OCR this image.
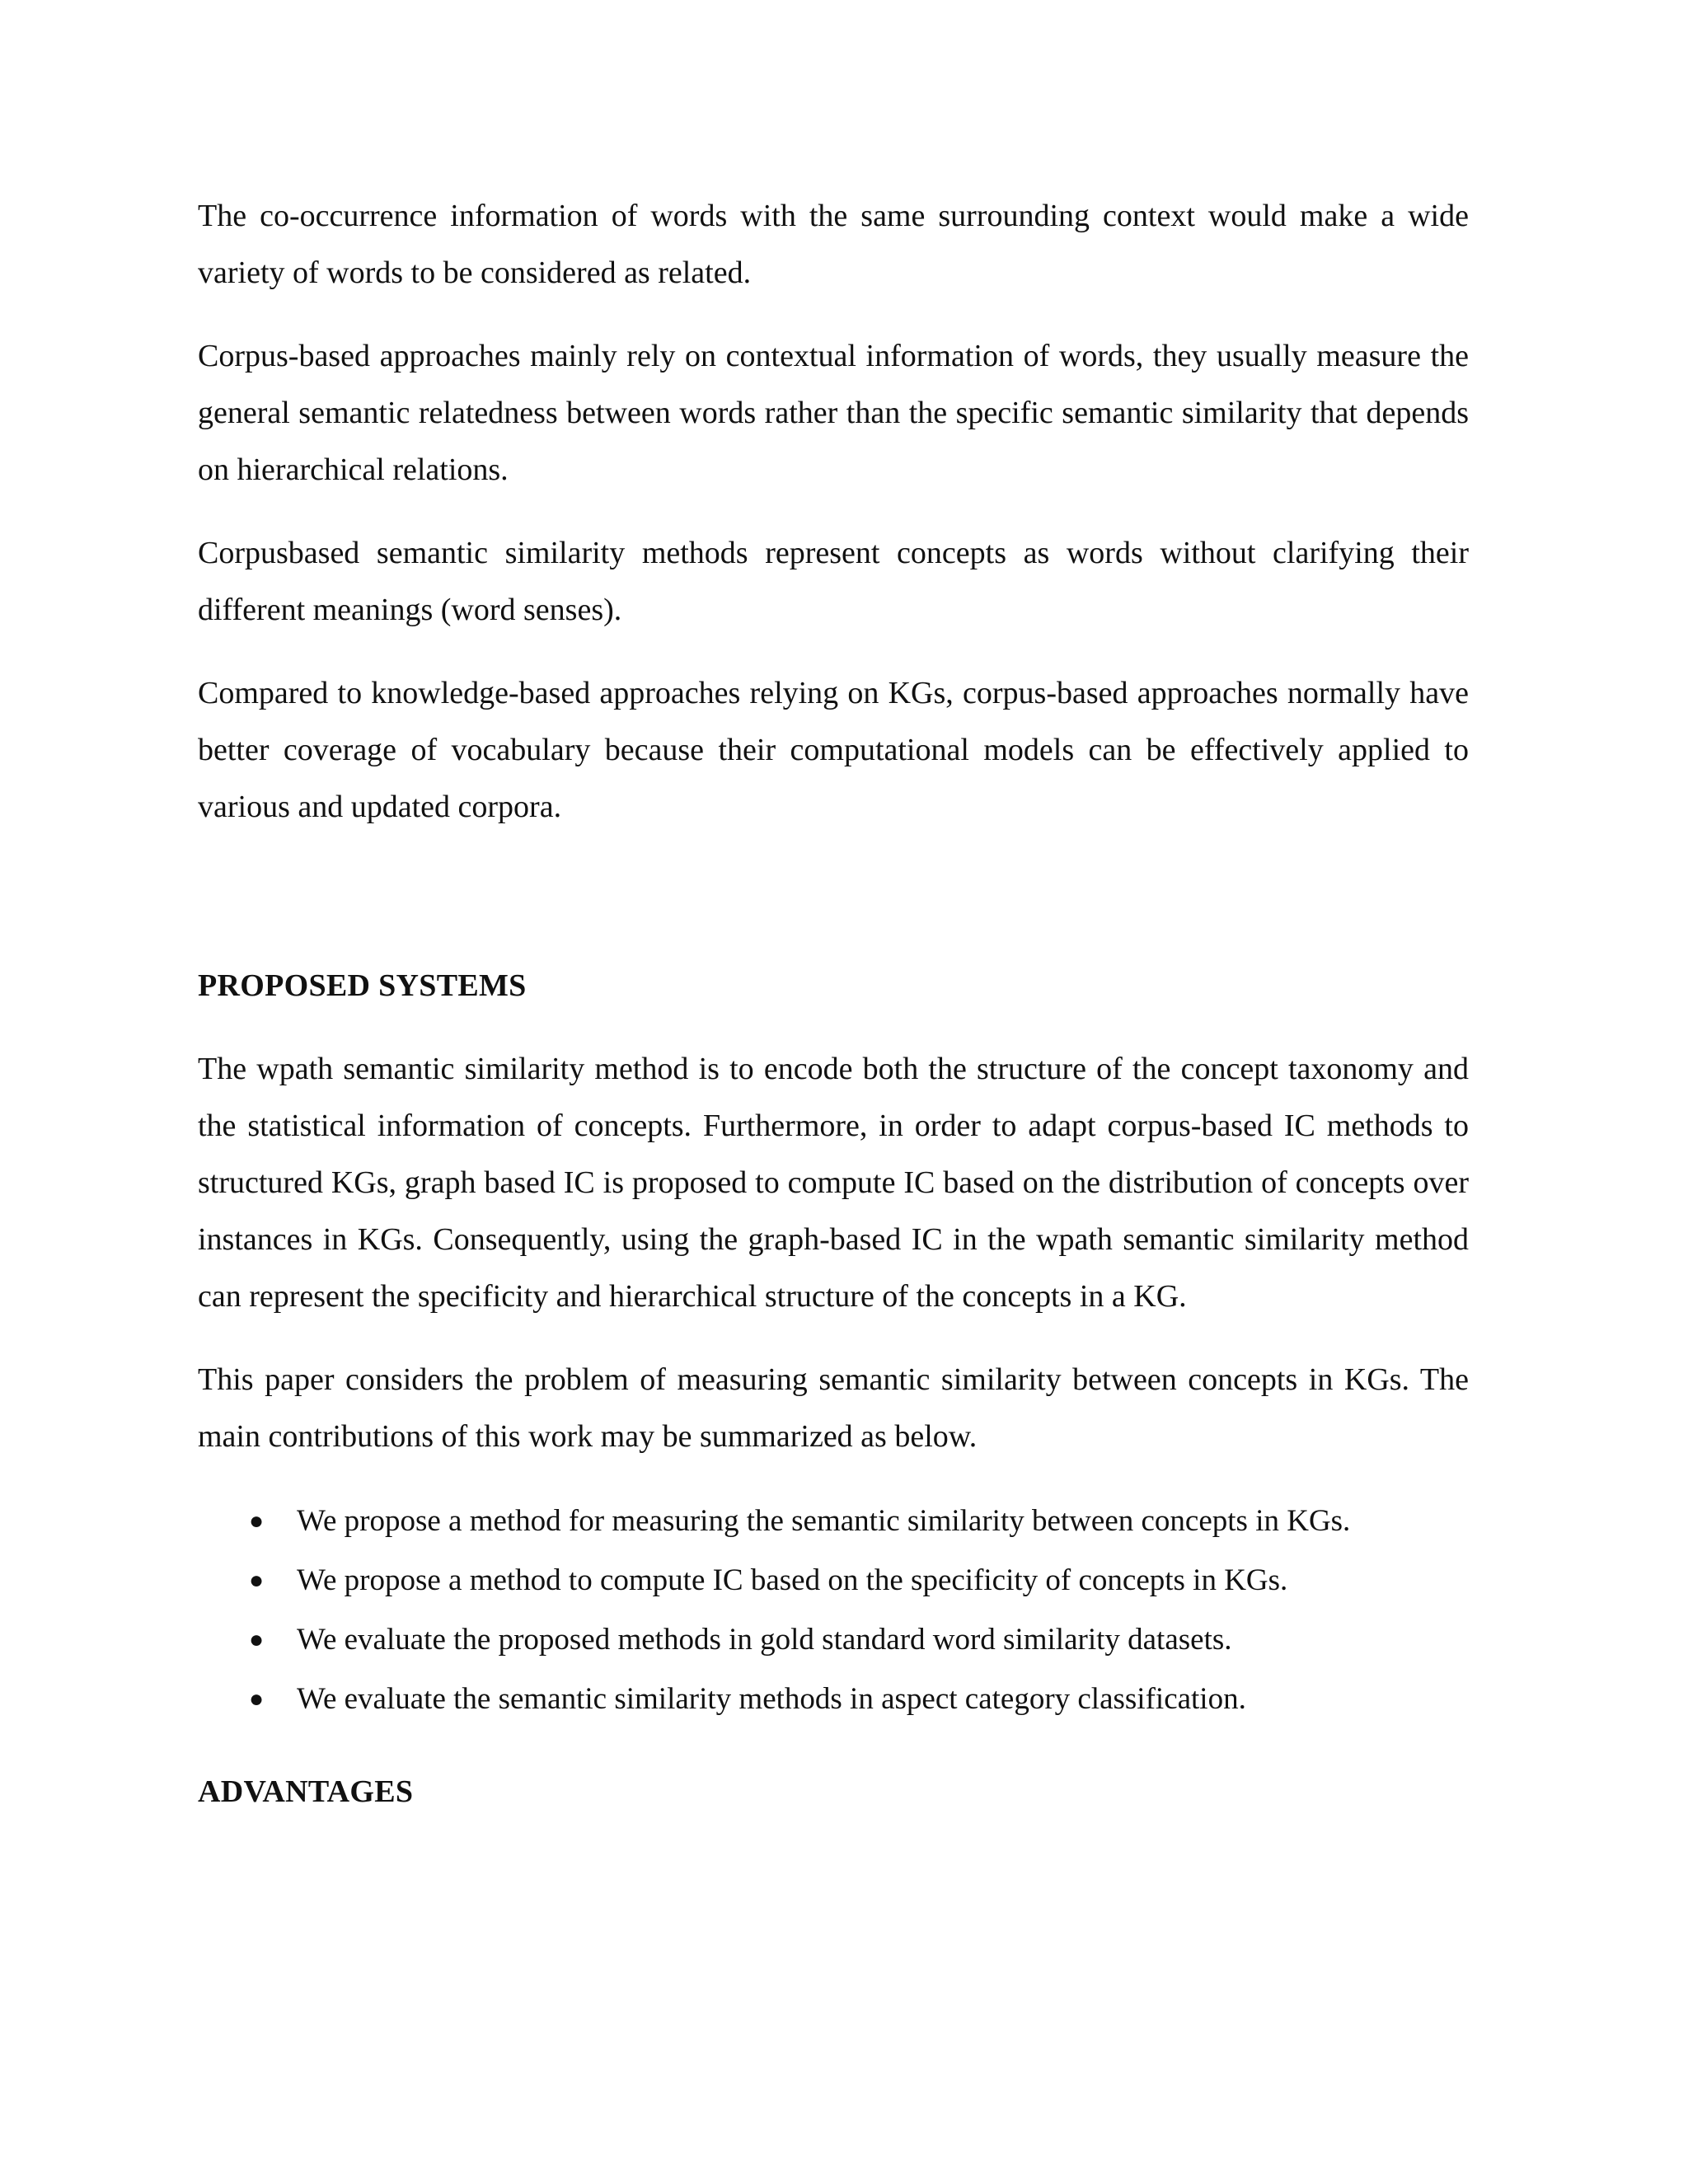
The co-occurrence information of words with the same surrounding context would make a wide variety of words to be considered as related.

Corpus-based approaches mainly rely on contextual information of words, they usually measure the general semantic relatedness between words rather than the specific semantic similarity that depends on hierarchical relations.

Corpusbased semantic similarity methods represent concepts as words without clarifying their different meanings (word senses).

Compared to knowledge-based approaches relying on KGs, corpus-based approaches normally have better coverage of vocabulary because their computational models can be effectively applied to various and updated corpora.

PROPOSED SYSTEMS

The wpath semantic similarity method is to encode both the structure of the concept taxonomy and the statistical information of concepts. Furthermore, in order to adapt corpus-based IC methods to structured KGs, graph based IC is proposed to compute IC based on the distribution of concepts over instances in KGs. Consequently, using the graph-based IC in the wpath semantic similarity method can represent the specificity and hierarchical structure of the concepts in a KG.

This paper considers the problem of measuring semantic similarity between concepts in KGs. The main contributions of this work may be summarized as below.

● We propose a method for measuring the semantic similarity between concepts in KGs.
● We propose a method to compute IC based on the specificity of concepts in KGs.
● We evaluate the proposed methods in gold standard word similarity datasets.
● We evaluate the semantic similarity methods in aspect category classification.
ADVANTAGES
